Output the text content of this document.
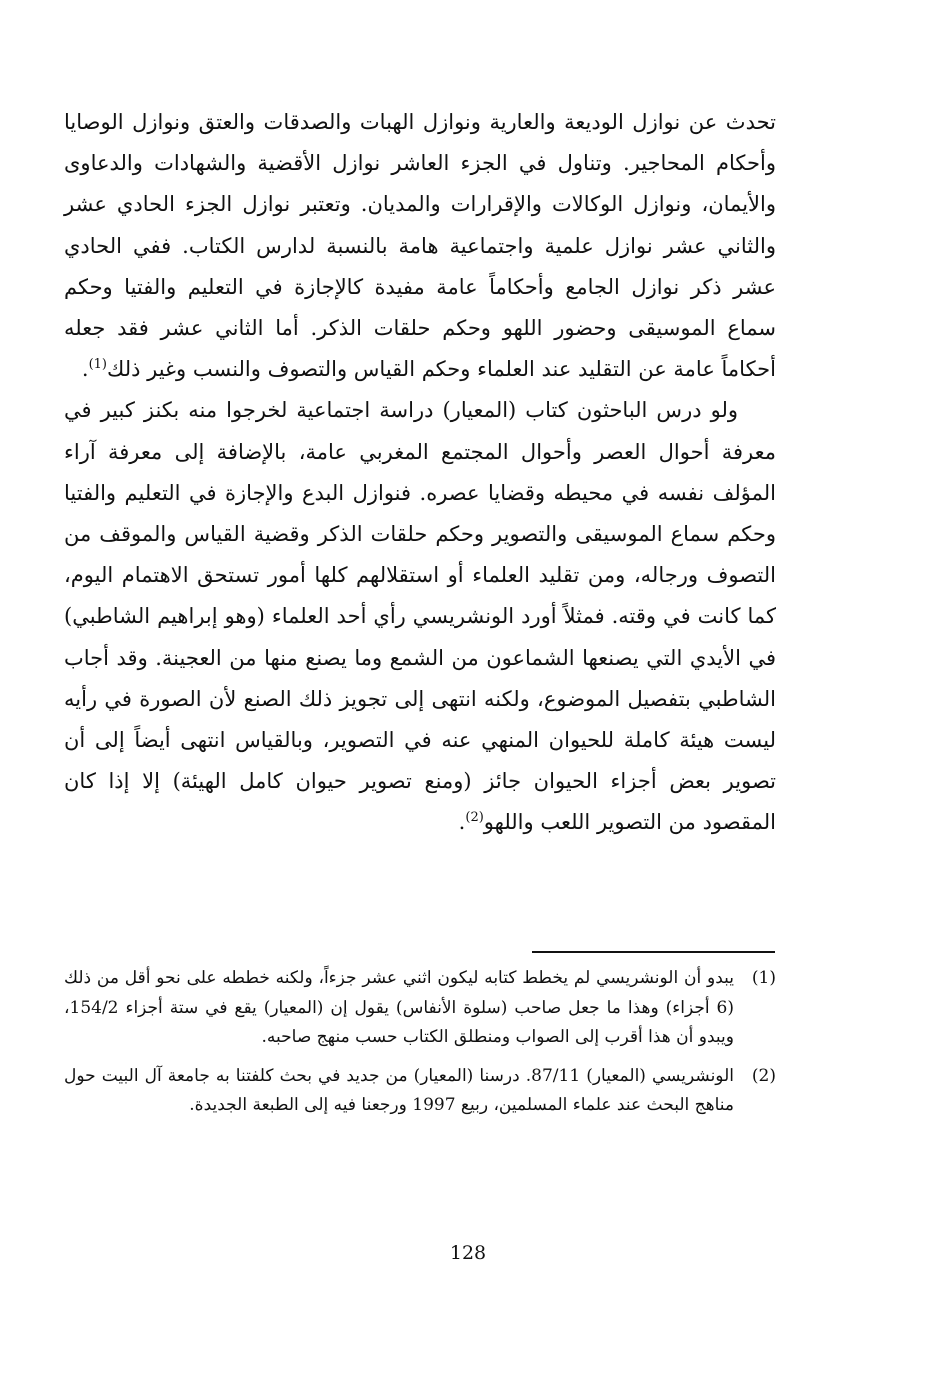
تحدث عن نوازل الوديعة والعارية ونوازل الهبات والصدقات والعتق ونوازل الوصايا وأحكام المحاجير. وتناول في الجزء العاشر نوازل الأقضية والشهادات والدعاوى والأيمان، ونوازل الوكالات والإقرارات والمديان. وتعتبر نوازل الجزء الحادي عشر والثاني عشر نوازل علمية واجتماعية هامة بالنسبة لدارس الكتاب. ففي الحادي عشر ذكر نوازل الجامع وأحكاماً عامة مفيدة كالإجازة في التعليم والفتيا وحكم سماع الموسيقى وحضور اللهو وحكم حلقات الذكر. أما الثاني عشر فقد جعله أحكاماً عامة عن التقليد عند العلماء وحكم القياس والتصوف والنسب وغير ذلك$^{(1)}$.

ولو درس الباحثون كتاب (المعيار) دراسة اجتماعية لخرجوا منه بكنز كبير في معرفة أحوال العصر وأحوال المجتمع المغربي عامة، بالإضافة إلى معرفة آراء المؤلف نفسه في محيطه وقضايا عصره. فنوازل البدع والإجازة في التعليم والفتيا وحكم سماع الموسيقى والتصوير وحكم حلقات الذكر وقضية القياس والموقف من التصوف ورجاله، ومن تقليد العلماء أو استقلالهم كلها أمور تستحق الاهتمام اليوم، كما كانت في وقته. فمثلاً أورد الونشريسي رأي أحد العلماء (وهو إبراهيم الشاطبي) في الأيدي التي يصنعها الشماعون من الشمع وما يصنع منها من العجينة. وقد أجاب الشاطبي بتفصيل الموضوع، ولكنه انتهى إلى تجويز ذلك الصنع لأن الصورة في رأيه ليست هيئة كاملة للحيوان المنهي عنه في التصوير، وبالقياس انتهى أيضاً إلى أن تصوير بعض أجزاء الحيوان جائز (ومنع تصوير حيوان كامل الهيئة) إلا إذا كان المقصود من التصوير اللعب واللهو$^{(2)}$.

(1)
يبدو أن الونشريسي لم يخطط كتابه ليكون اثني عشر جزءاً، ولكنه خططه على نحو أقل من ذلك (6 أجزاء) وهذا ما جعل صاحب (سلوة الأنفاس) يقول إن (المعيار) يقع في ستة أجزاء 154/2، ويبدو أن هذا أقرب إلى الصواب ومنطلق الكتاب حسب منهج صاحبه.
(2)
الونشريسي (المعيار) 87/11. درسنا (المعيار) من جديد في بحث كلفتنا به جامعة آل البيت حول مناهج البحث عند علماء المسلمين، ربيع 1997 ورجعنا فيه إلى الطبعة الجديدة.
128
